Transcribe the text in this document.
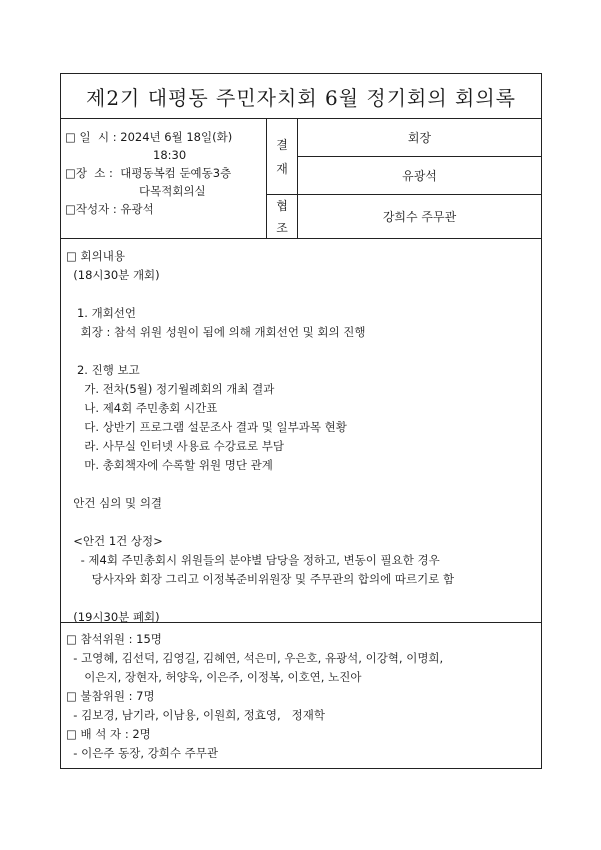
제2기 대평동 주민자치회 6월 정기회의 회의록
□ 일  시 : 2024년 6월 18일(화)
18:30
□장  소 : 대평동복컴 둔예동3층
다목적회의실
□작성자 : 유광석
결
재
협
조
회장
유광석
강희수 주무관

□ 회의내용

(18시30분 개회)

1. 개회선언

회장 : 참석 위원 성원이 됨에 의해 개회선언 및 회의 진행

2. 진행 보고

가. 전차(5월) 정기월례회의 개최 결과

나. 제4회 주민총회 시간표

다. 상반기 프로그램 설문조사 결과 및 일부과목 현황

라. 사무실 인터넷 사용료 수강료로 부담

마. 총회책자에 수록할 위원 명단 관계

안건 심의 및 의결

<안건 1건 상정>

- 제4회 주민총회시 위원들의 분야별 담당을 정하고, 변동이 필요한 경우

당사자와 회장 그리고 이정복준비위원장 및 주무관의 합의에 따르기로 함

(19시30분 폐회)

□ 참석위원 : 15명

- 고영혜, 김선덕, 김영길, 김혜연, 석은미, 우은호, 유광석, 이강혁, 이명희,

이은지, 장현자, 허양욱, 이은주, 이정복, 이호연, 노진아

□ 불참위원 : 7명

- 김보경, 남기라, 이남용, 이원희, 정효영,   정재학

□ 배 석 자 : 2명

- 이은주 동장, 강희수 주무관
